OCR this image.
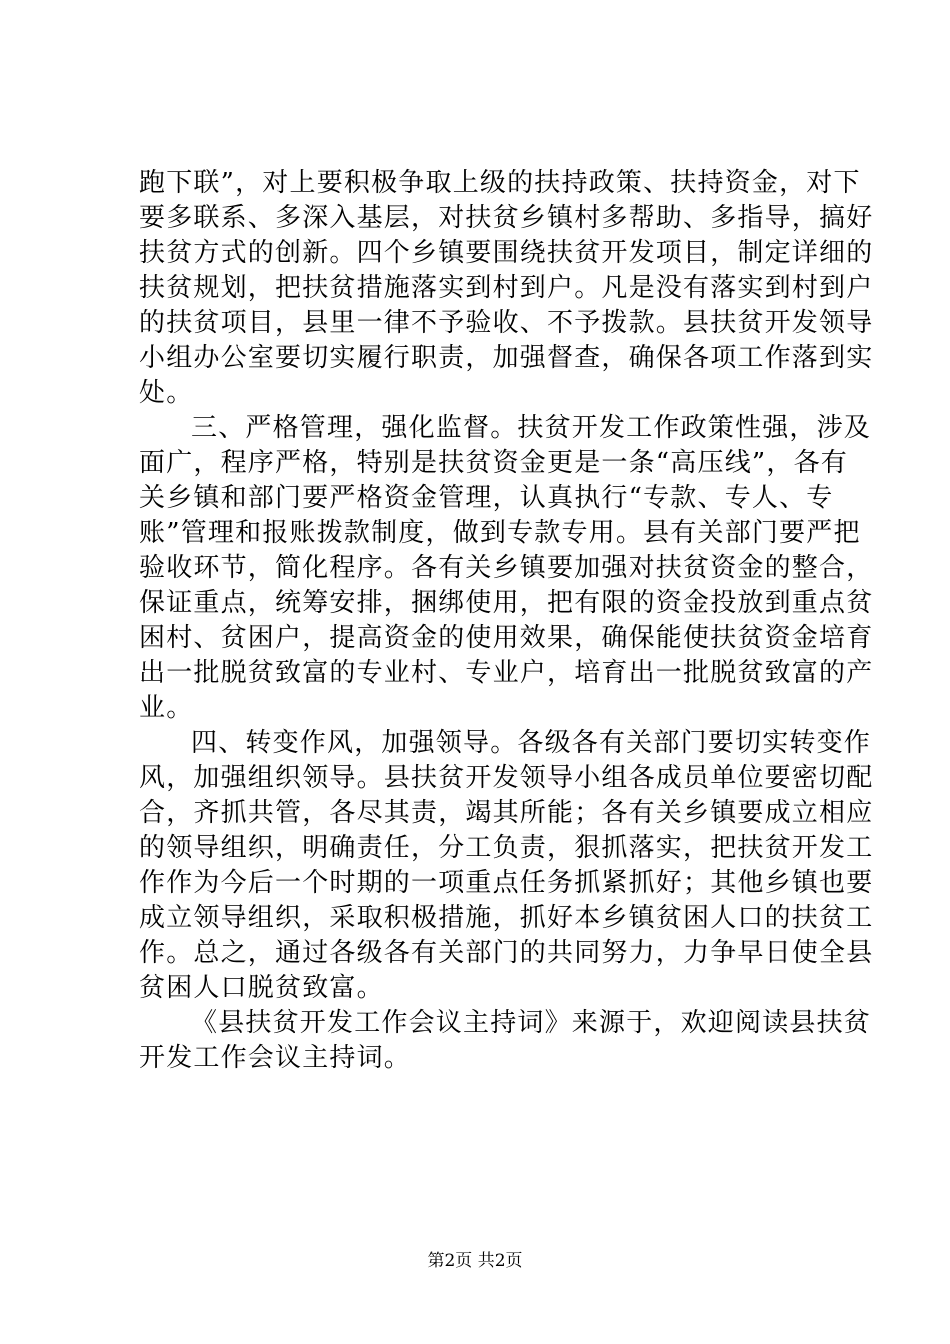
跑下联”，对上要积极争取上级的扶持政策、扶持资金，对下
要多联系、多深入基层，对扶贫乡镇村多帮助、多指导，搞好
扶贫方式的创新。四个乡镇要围绕扶贫开发项目，制定详细的
扶贫规划，把扶贫措施落实到村到户。凡是没有落实到村到户
的扶贫项目，县里一律不予验收、不予拨款。县扶贫开发领导
小组办公室要切实履行职责，加强督查，确保各项工作落到实
处。
三、严格管理，强化监督。扶贫开发工作政策性强，涉及
面广，程序严格，特别是扶贫资金更是一条“高压线”，各有
关乡镇和部门要严格资金管理，认真执行“专款、专人、专
账”管理和报账拨款制度，做到专款专用。县有关部门要严把
验收环节，简化程序。各有关乡镇要加强对扶贫资金的整合，
保证重点，统筹安排，捆绑使用，把有限的资金投放到重点贫
困村、贫困户，提高资金的使用效果，确保能使扶贫资金培育
出一批脱贫致富的专业村、专业户，培育出一批脱贫致富的产
业。
四、转变作风，加强领导。各级各有关部门要切实转变作
风，加强组织领导。县扶贫开发领导小组各成员单位要密切配
合，齐抓共管，各尽其责，竭其所能；各有关乡镇要成立相应
的领导组织，明确责任，分工负责，狠抓落实，把扶贫开发工
作作为今后一个时期的一项重点任务抓紧抓好；其他乡镇也要
成立领导组织，采取积极措施，抓好本乡镇贫困人口的扶贫工
作。总之，通过各级各有关部门的共同努力，力争早日使全县
贫困人口脱贫致富。
《县扶贫开发工作会议主持词》来源于，欢迎阅读县扶贫
开发工作会议主持词。
第2页 共2页
